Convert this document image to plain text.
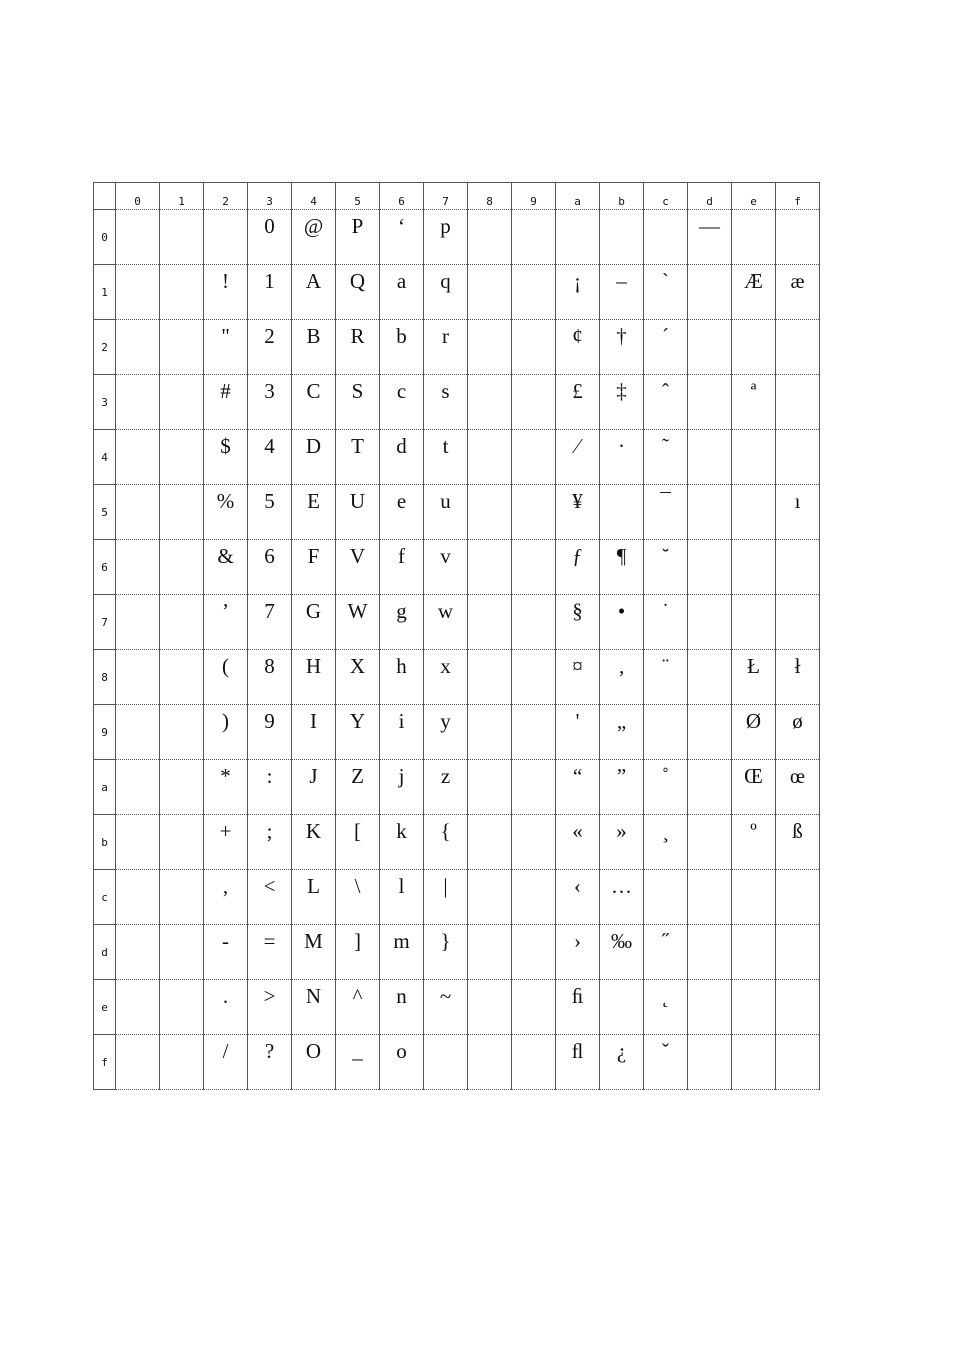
	0	1	2	3	4	5	6	7	8	9	a	b	c	d	e	f
0				0	@	P	‘	p						—		
1			!	1	A	Q	a	q			¡	–	`		Æ	æ
2			"	2	B	R	b	r			¢	†	´			
3			#	3	C	S	c	s			£	‡	ˆ		ª	
4			$	4	D	T	d	t			⁄	·	˜			
5			%	5	E	U	e	u			¥		¯			ı
6			&	6	F	V	f	v			ƒ	¶	˘			
7			’	7	G	W	g	w			§	•	˙			
8			(	8	H	X	h	x			¤	‚	¨		Ł	ł
9			)	9	I	Y	i	y			'	„			Ø	ø
a			*	:	J	Z	j	z			“	”	˚		Œ	œ
b			+	;	K	[	k	{			«	»	¸		º	ß
c			,	<	L	\	l	|			‹	…				
d			-	=	M	]	m	}			›	‰	˝			
e			.	>	N	^	n	~			ﬁ		˛			
f			/	?	O	_	o				ﬂ	¿	ˇ			
